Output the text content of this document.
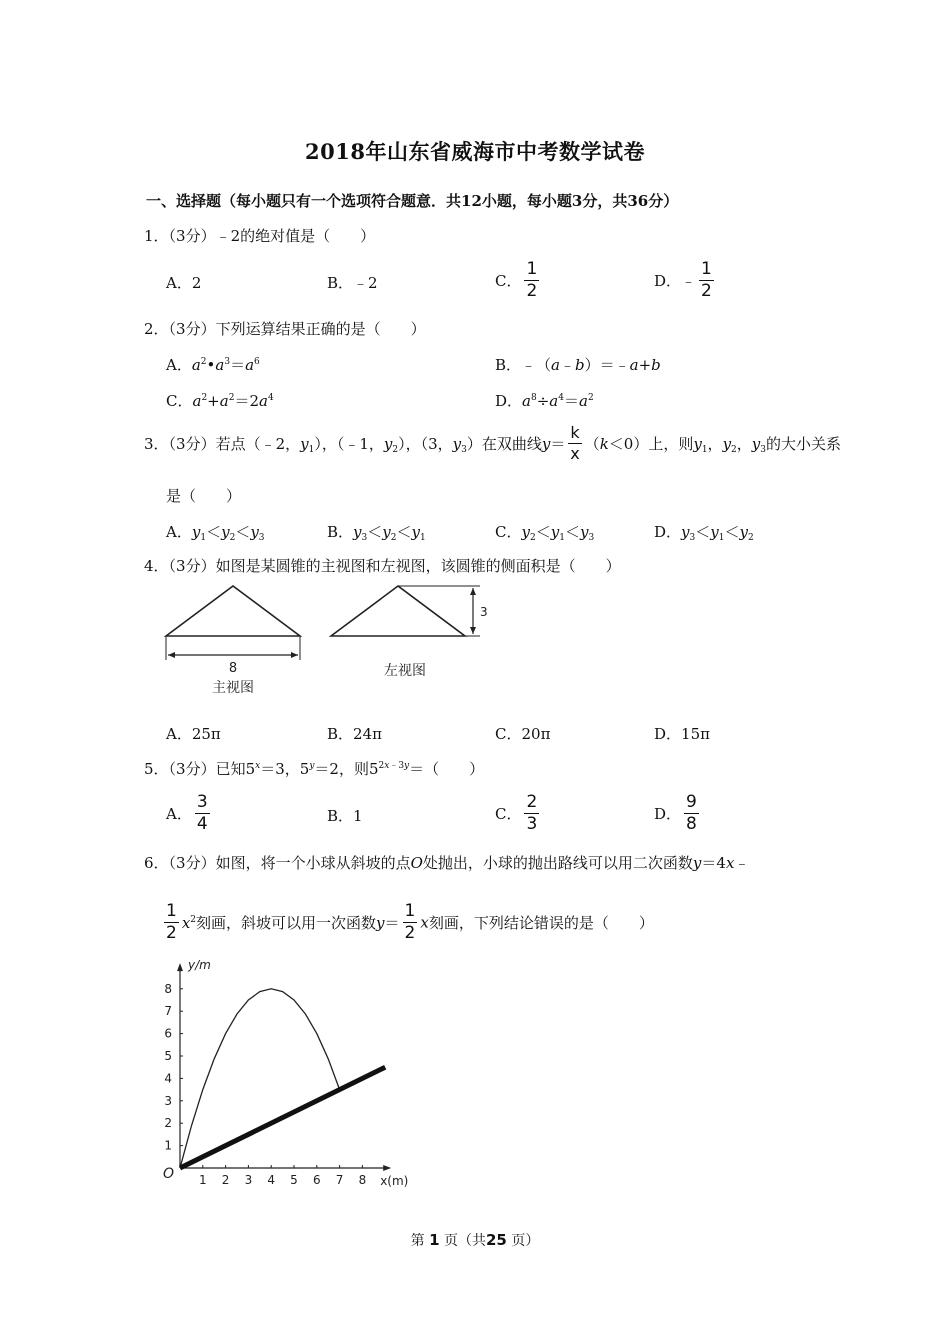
2018年山东省威海市中考数学试卷
一、选择题（每小题只有一个选项符合题意．共12小题，每小题3分，共36分）
1．（3分）﹣2的绝对值是（　　）
A．2	B．﹣2	C． $\frac{1}{2}$	D．﹣ $\frac{1}{2}$
2．（3分）下列运算结果正确的是（　　）
A．$a^2•a^3=a^6$	B．﹣（a﹣b）＝﹣a+b
C．$a^2+a^2=2a^4$	D．$a^8\div a^4=a^2$
3．（3分）若点（﹣2，$y_1$），（﹣1，$y_2$），（3，$y_3$）在双曲线$y= \frac{k}{x} (k<0)$上，则$y_1$，$y_2$，$y_3$的大小关系
是（　　）
A．$y_1<y_2<y_3$	B．$y_3<y_2<y_1$	C．$y_2<y_1<y_3$	D．$y_3<y_1<y_2$
4．（3分）如图是某圆锥的主视图和左视图，该圆锥的侧面积是（　　）
8
主视图
3
左视图
A．25π	B．24π	C．20π	D．15π
5．（3分）已知$5^x=3$，$5^y=2$，则$5^{2x﹣3y}=$（　　）
A． $\frac{3}{4}$	B．1	C． $\frac{2}{3}$	D． $\frac{9}{8}$
6．（3分）如图，将一个小球从斜坡的点O处抛出，小球的抛出路线可以用二次函数y＝4x﹣
$\frac{1}{2} x^2$刻画，斜坡可以用一次函数$y= \frac{1}{2}$ x刻画，下列结论错误的是（　　）
1 2 3 4 5 6 7 8
1
2
3
4
5
6
7
8
y/m
x(m)
O
第 1 页（共25 页）
